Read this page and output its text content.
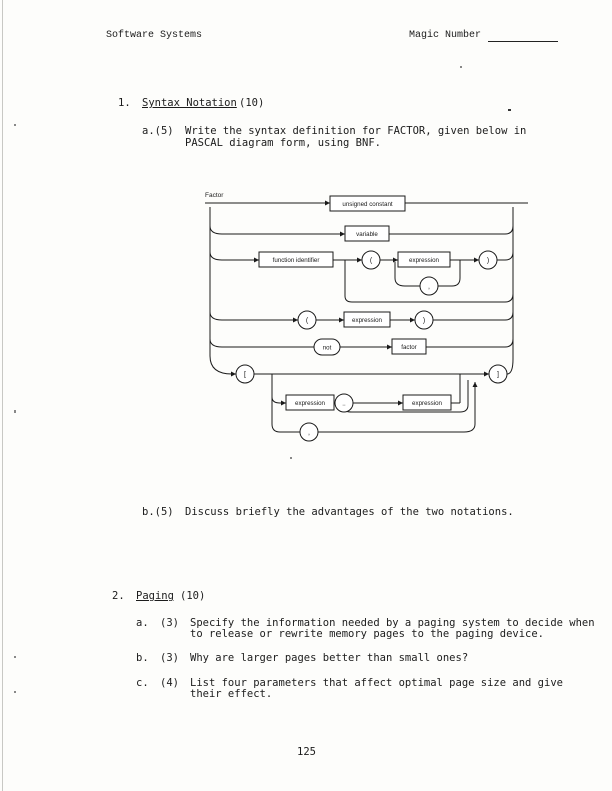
Software Systems	Magic Number
1. Syntax Notation (10)
a.(5) Write the syntax definition for FACTOR, given below in
PASCAL diagram form, using BNF.
Factor
unsigned constant
variable
function identifier	expression
expression
factor
expression	expression
(	)
,
(	)
not
[	]
..
,
b.(5) Discuss briefly the advantages of the two notations.
2. Paging (10)
a. (3) Specify the information needed by a paging system to decide when
to release or rewrite memory pages to the paging device.
b. (3) Why are larger pages better than small ones?
c. (4) List four parameters that affect optimal page size and give
their effect.
125
